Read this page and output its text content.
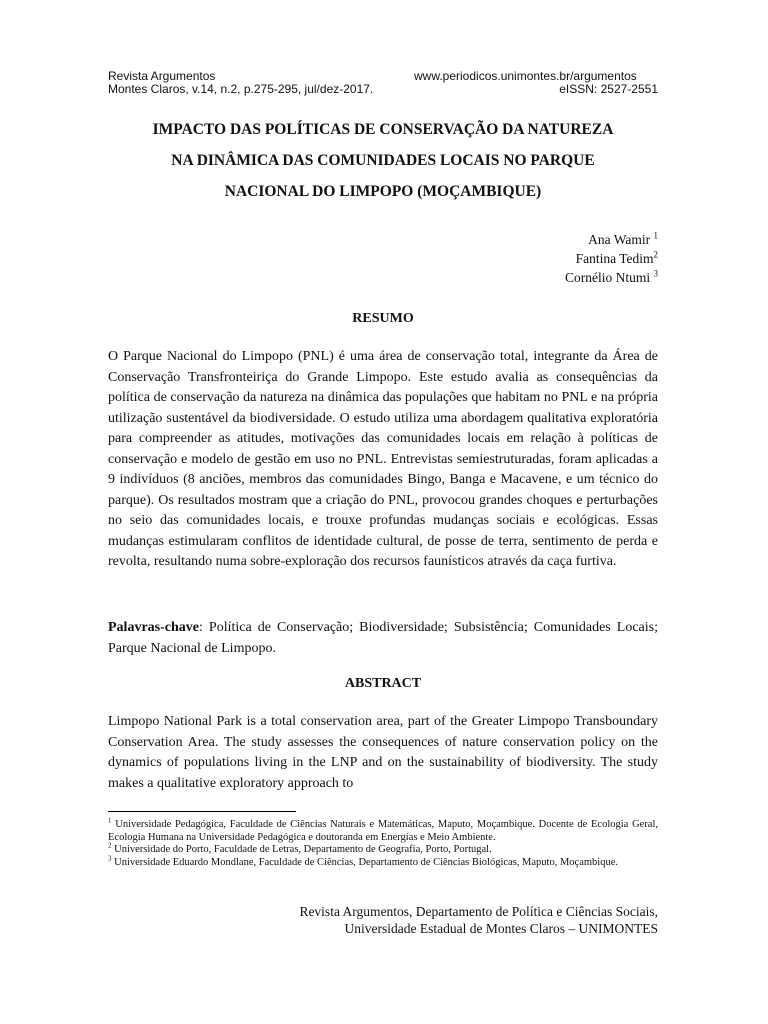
Revista Argumentos
Montes Claros, v.14, n.2, p.275-295, jul/dez-2017.
www.periodicos.unimontes.br/argumentos
eISSN: 2527-2551
IMPACTO DAS POLÍTICAS DE CONSERVAÇÃO DA NATUREZA
NA DINÂMICA DAS COMUNIDADES LOCAIS NO PARQUE
NACIONAL DO LIMPOPO (MOÇAMBIQUE)
Ana Wamir $^1$
Fantina Tedim$^2$
Cornélio Ntumi $^3$
RESUMO

O Parque Nacional do Limpopo (PNL) é uma área de conservação total, integrante da Área de Conservação Transfronteiriça do Grande Limpopo. Este estudo avalia as consequências da política de conservação da natureza na dinâmica das populações que habitam no PNL e na própria utilização sustentável da biodiversidade. O estudo utiliza uma abordagem qualitativa exploratória para compreender as atitudes, motivações das comunidades locais em relação à políticas de conservação e modelo de gestão em uso no PNL. Entrevistas semiestruturadas, foram aplicadas a 9 indivíduos (8 anciões, membros das comunidades Bingo, Banga e Macavene, e um técnico do parque). Os resultados mostram que a criação do PNL, provocou grandes choques e perturbações no seio das comunidades locais, e trouxe profundas mudanças sociais e ecológicas. Essas mudanças estimularam conflitos de identidade cultural, de posse de terra, sentimento de perda e revolta, resultando numa sobre-exploração dos recursos faunísticos através da caça furtiva.

Palavras-chave: Política de Conservação; Biodiversidade; Subsistência; Comunidades Locais; Parque Nacional de Limpopo.

ABSTRACT

Limpopo National Park is a total conservation area, part of the Greater Limpopo Transboundary Conservation Area. The study assesses the consequences of nature conservation policy on the dynamics of populations living in the LNP and on the sustainability of biodiversity. The study makes a qualitative exploratory approach to

$^1$ Universidade Pedagógica, Faculdade de Ciências Naturais e Matemáticas, Maputo, Moçambique. Docente de Ecologia Geral, Ecologia Humana na Universidade Pedagógica e doutoranda em Energias e Meio Ambiente.
$^2$ Universidade do Porto, Faculdade de Letras, Departamento de Geografia, Porto, Portugal.
$^3$ Universidade Eduardo Mondlane, Faculdade de Ciências, Departamento de Ciências Biológicas, Maputo, Moçambique.
Revista Argumentos, Departamento de Política e Ciências Sociais,
Universidade Estadual de Montes Claros – UNIMONTES
